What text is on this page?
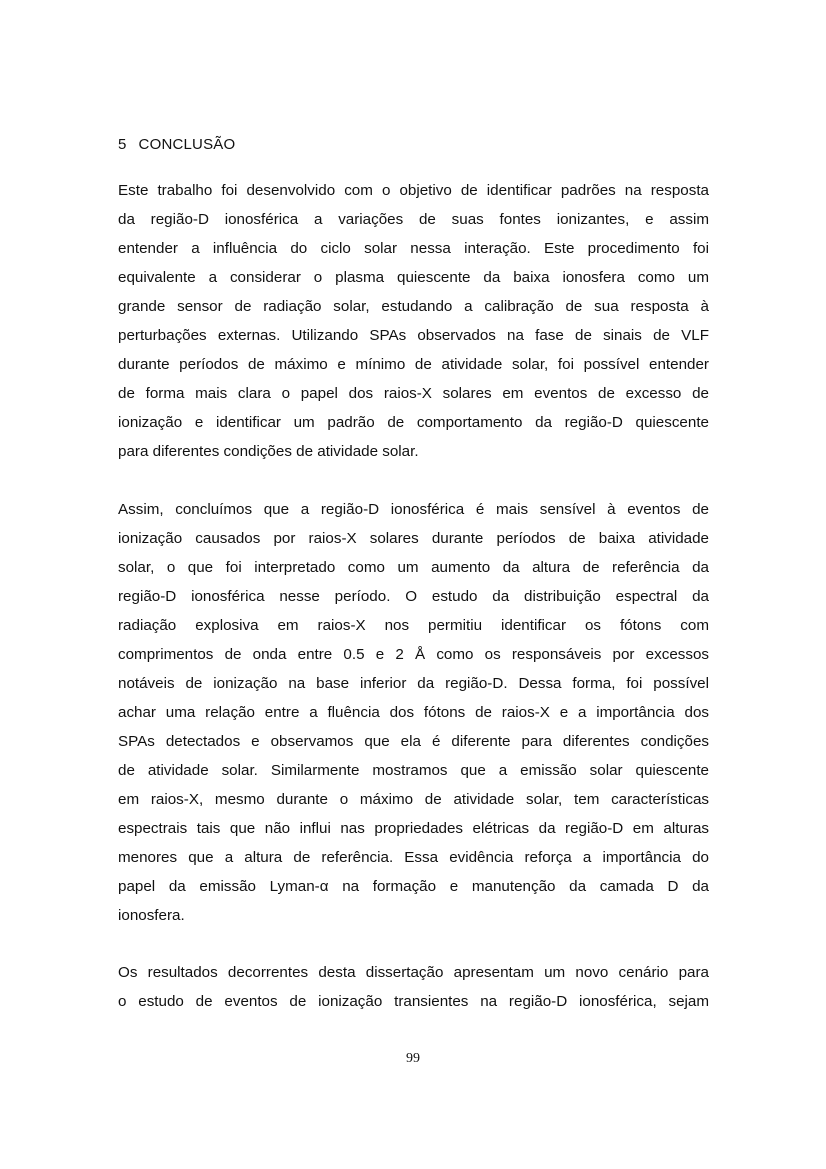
5 CONCLUSÃO
Este trabalho foi desenvolvido com o objetivo de identificar padrões na resposta
da região-D ionosférica a variações de suas fontes ionizantes, e assim
entender a influência do ciclo solar nessa interação. Este procedimento foi
equivalente a considerar o plasma quiescente da baixa ionosfera como um
grande sensor de radiação solar, estudando a calibração de sua resposta à
perturbações externas. Utilizando SPAs observados na fase de sinais de VLF
durante períodos de máximo e mínimo de atividade solar, foi possível entender
de forma mais clara o papel dos raios-X solares em eventos de excesso de
ionização e identificar um padrão de comportamento da região-D quiescente
para diferentes condições de atividade solar.
Assim, concluímos que a região-D ionosférica é mais sensível à eventos de
ionização causados por raios-X solares durante períodos de baixa atividade
solar, o que foi interpretado como um aumento da altura de referência da
região-D ionosférica nesse período. O estudo da distribuição espectral da
radiação explosiva em raios-X nos permitiu identificar os fótons com
comprimentos de onda entre 0.5 e 2 Å como os responsáveis por excessos
notáveis de ionização na base inferior da região-D. Dessa forma, foi possível
achar uma relação entre a fluência dos fótons de raios-X e a importância dos
SPAs detectados e observamos que ela é diferente para diferentes condições
de atividade solar. Similarmente mostramos que a emissão solar quiescente
em raios-X, mesmo durante o máximo de atividade solar, tem características
espectrais tais que não influi nas propriedades elétricas da região-D em alturas
menores que a altura de referência. Essa evidência reforça a importância do
papel da emissão Lyman-α na formação e manutenção da camada D da
ionosfera.
Os resultados decorrentes desta dissertação apresentam um novo cenário para
o estudo de eventos de ionização transientes na região-D ionosférica, sejam
99
